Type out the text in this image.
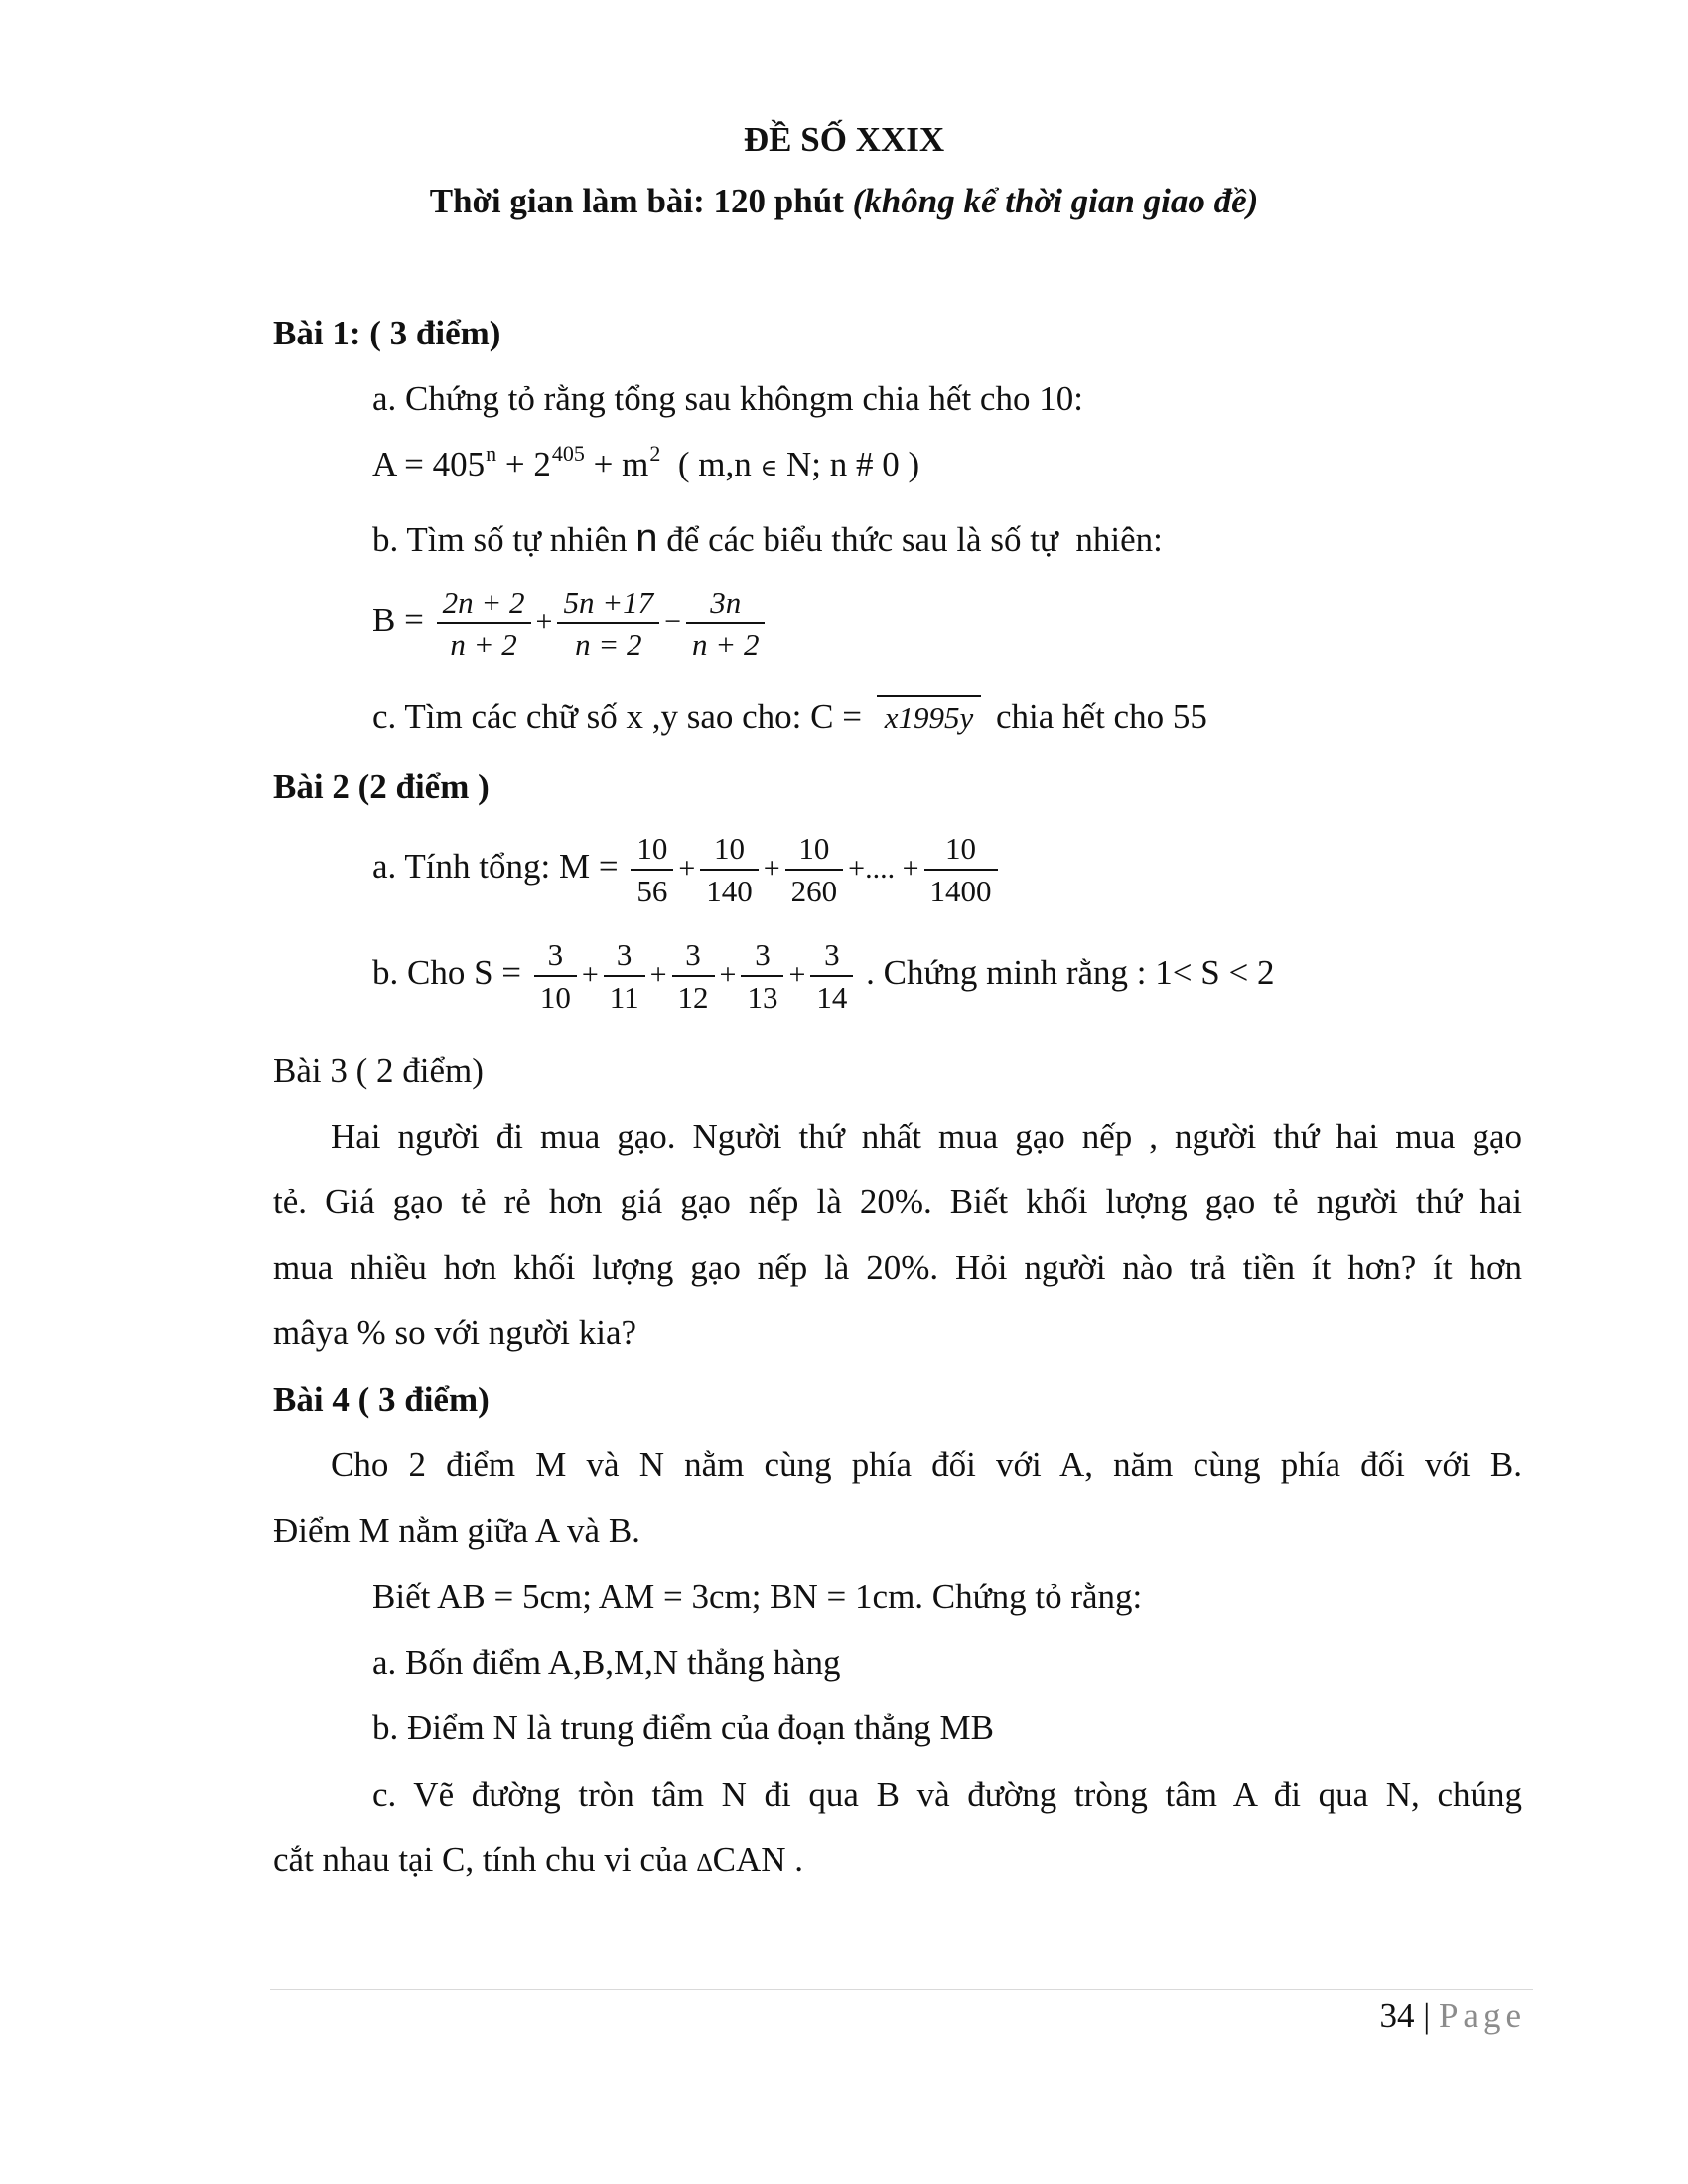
ĐỀ SỐ XXIX
Thời gian làm bài: 120 phút (không kể thời gian giao đề)
Bài 1: ( 3 điểm)
a. Chứng tỏ rằng tổng sau khôngm chia hết cho 10:
$A = 405^n + 2^{405} + m^2$  ( m,n ∈ N; n # 0 )
b. Tìm số tự nhiên n để các biểu thức sau là số tự  nhiên:
$B = \frac{2n + 2}{n + 2} + \frac{5n +17}{n = 2} - \frac{3n}{n + 2}$
c. Tìm các chữ số x ,y sao cho: C = x1995y chia hết cho 55
Bài 2 (2 điểm )
a. Tính tổng: $M = \frac{10}{56} + \frac{10}{140} + \frac{10}{260}$ +.... + $\frac{10}{1400}$
b. Cho $S = \frac{3}{10} + \frac{3}{11} + \frac{3}{12} + \frac{3}{13} + \frac{3}{14}$ . Chứng minh rằng : 1< S < 2
Bài 3 ( 2 điểm)
Hai người đi mua gạo. Người thứ nhất mua gạo nếp , người thứ hai mua gạo
tẻ. Giá gạo tẻ rẻ hơn giá gạo nếp là 20%. Biết khối lượng gạo tẻ người thứ hai
mua nhiều hơn khối lượng gạo nếp là 20%. Hỏi người nào trả tiền ít hơn? ít hơn
mâya % so với người kia?
Bài 4 ( 3 điểm)
Cho 2 điểm M và N nằm cùng phía đối với A, năm cùng phía đối với B.
Điểm M nằm giữa A và B.
Biết AB = 5cm; AM = 3cm; BN = 1cm. Chứng tỏ rằng:
a. Bốn điểm A,B,M,N thẳng hàng
b. Điểm N là trung điểm của đoạn thẳng MB
c. Vẽ đường tròn tâm N đi qua B và đường tròng tâm A đi qua N, chúng
cắt nhau tại C, tính chu vi của ∆CAN .
34 | Page
